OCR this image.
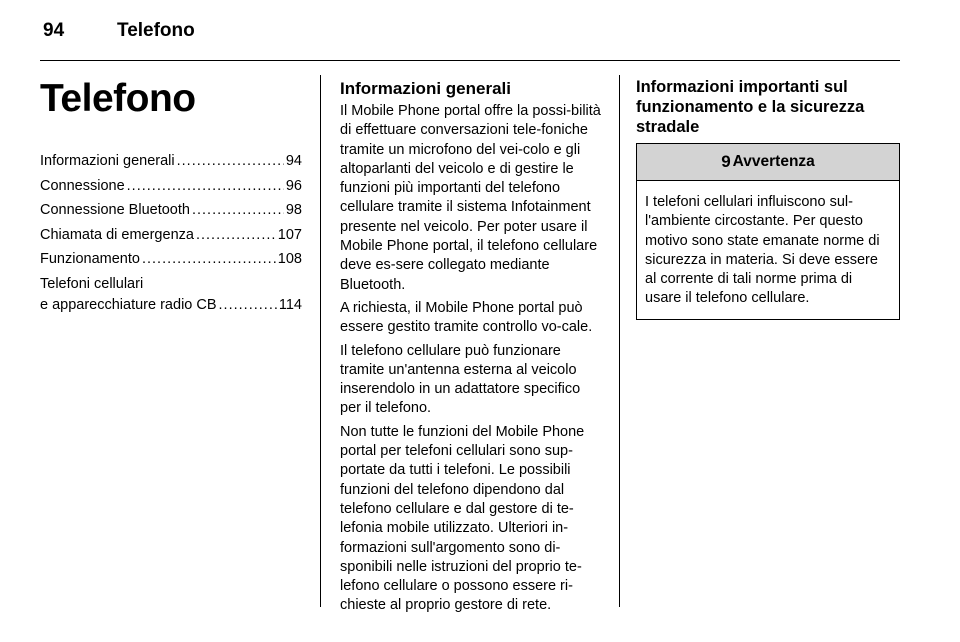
94	Telefono
Telefono
Informazioni generali .....	94
Connessione .....	96
Connessione Bluetooth .....	98
Chiamata di emergenza .....	107
Funzionamento .....	108
Telefoni cellulari
e apparecchiature radio CB .....	114
Informazioni generali

Il Mobile Phone portal offre la possi-bilità di effettuare conversazioni tele-foniche tramite un microfono del vei-colo e gli altoparlanti del veicolo e di gestire le funzioni più importanti del telefono cellulare tramite il sistema Infotainment presente nel veicolo. Per poter usare il Mobile Phone portal, il telefono cellulare deve es-sere collegato mediante Bluetooth.

A richiesta, il Mobile Phone portal può essere gestito tramite controllo vo-cale.

Il telefono cellulare può funzionare tramite un'antenna esterna al veicolo inserendolo in un adattatore specifico per il telefono.

Non tutte le funzioni del Mobile Phone portal per telefoni cellulari sono sup-portate da tutti i telefoni. Le possibili funzioni del telefono dipendono dal telefono cellulare e dal gestore di te-lefonia mobile utilizzato. Ulteriori in-formazioni sull'argomento sono di-sponibili nelle istruzioni del proprio te-lefono cellulare o possono essere ri-chieste al proprio gestore di rete.

Informazioni importanti sul
funzionamento e la sicurezza
stradale
9 Avvertenza
I telefoni cellulari influiscono sul-l'ambiente circostante. Per questo motivo sono state emanate norme di sicurezza in materia. Si deve essere al corrente di tali norme prima di usare il telefono cellulare.
